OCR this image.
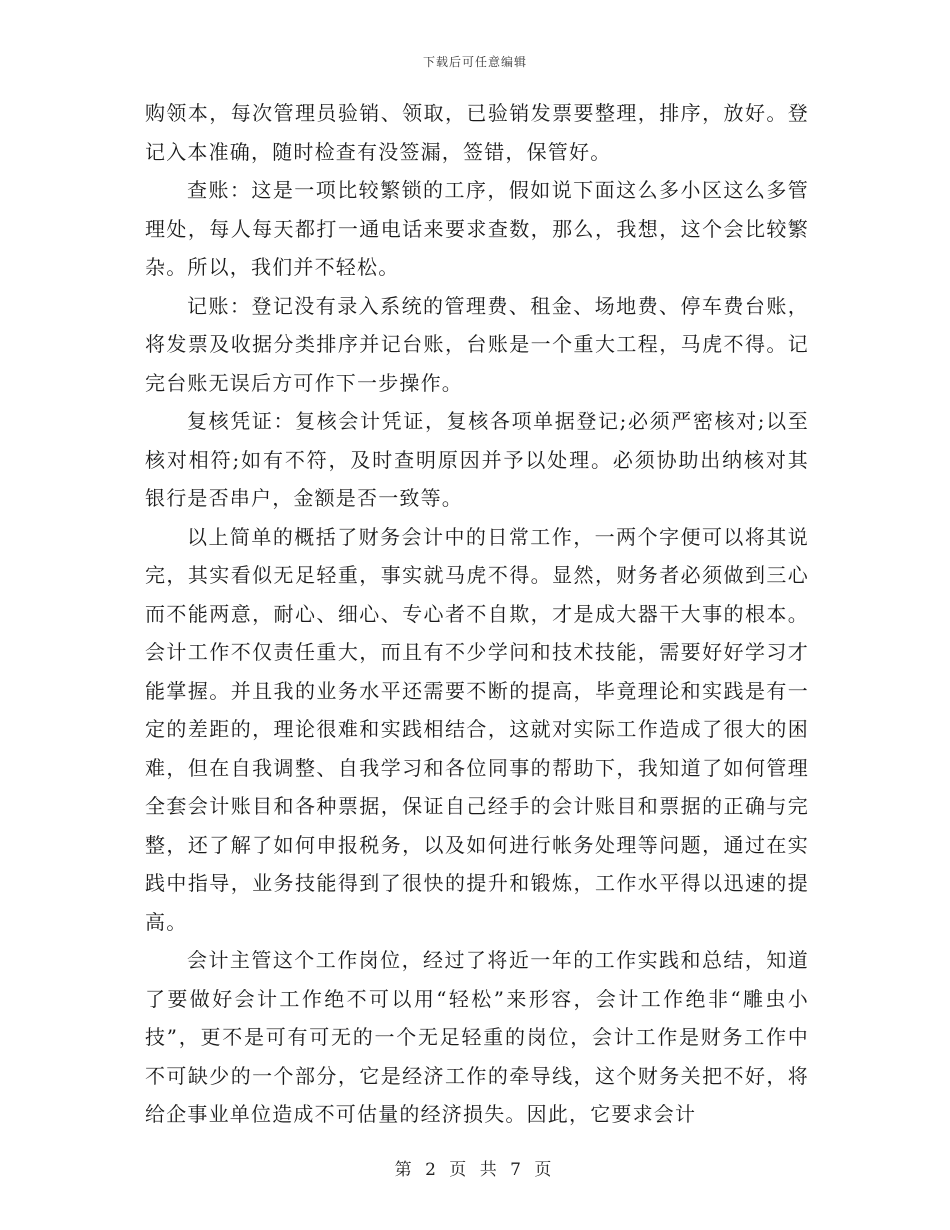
下载后可任意编辑

购领本，每次管理员验销、领取，已验销发票要整理，排序，放好。登记入本准确，随时检查有没签漏，签错，保管好。

查账：这是一项比较繁锁的工序，假如说下面这么多小区这么多管理处，每人每天都打一通电话来要求查数，那么，我想，这个会比较繁杂。所以，我们并不轻松。

记账：登记没有录入系统的管理费、租金、场地费、停车费台账，将发票及收据分类排序并记台账，台账是一个重大工程，马虎不得。记完台账无误后方可作下一步操作。

复核凭证：复核会计凭证，复核各项单据登记;必须严密核对;以至核对相符;如有不符，及时查明原因并予以处理。必须协助出纳核对其银行是否串户，金额是否一致等。

以上简单的概括了财务会计中的日常工作，一两个字便可以将其说完，其实看似无足轻重，事实就马虎不得。显然，财务者必须做到三心而不能两意，耐心、细心、专心者不自欺，才是成大器干大事的根本。会计工作不仅责任重大，而且有不少学问和技术技能，需要好好学习才能掌握。并且我的业务水平还需要不断的提高，毕竟理论和实践是有一定的差距的，理论很难和实践相结合，这就对实际工作造成了很大的困难，但在自我调整、自我学习和各位同事的帮助下，我知道了如何管理全套会计账目和各种票据，保证自己经手的会计账目和票据的正确与完整，还了解了如何申报税务，以及如何进行帐务处理等问题，通过在实践中指导，业务技能得到了很快的提升和锻炼，工作水平得以迅速的提高。

会计主管这个工作岗位，经过了将近一年的工作实践和总结，知道了要做好会计工作绝不可以用“轻松”来形容，会计工作绝非“雕虫小技”，更不是可有可无的一个无足轻重的岗位，会计工作是财务工作中不可缺少的一个部分，它是经济工作的牵导线，这个财务关把不好，将给企事业单位造成不可估量的经济损失。因此，它要求会计

第 2 页 共 7 页
